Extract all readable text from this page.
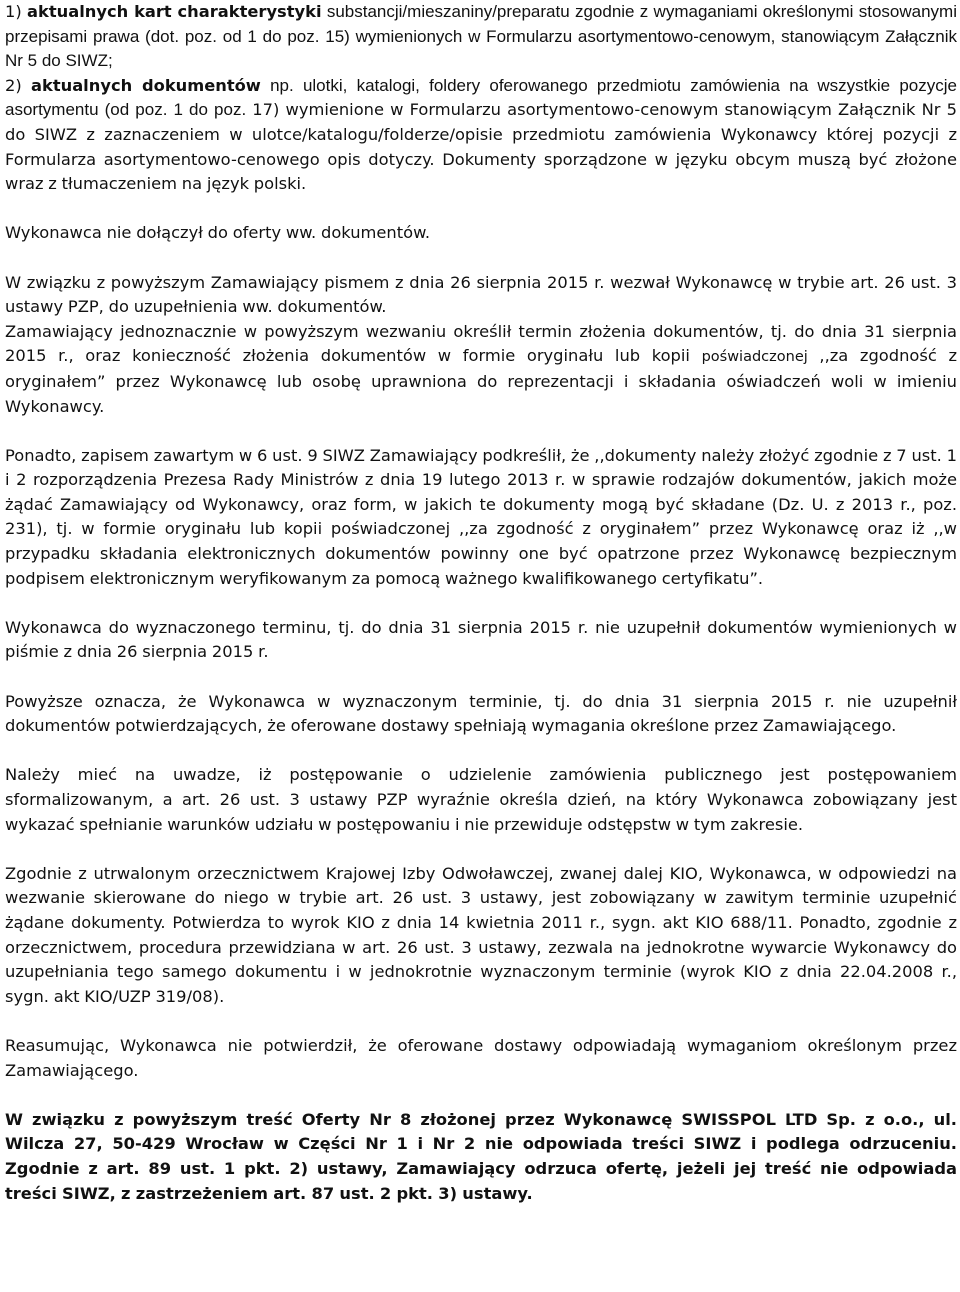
1) aktualnych kart charakterystyki substancji/mieszaniny/preparatu zgodnie z wymaganiami określonymi stosowanymi przepisami prawa (dot. poz. od 1 do poz. 15) wymienionych w Formularzu asortymentowo-cenowym, stanowiącym Załącznik Nr 5 do SIWZ;

2) aktualnych dokumentów np. ulotki, katalogi, foldery oferowanego przedmiotu zamówienia na wszystkie pozycje asortymentu (od poz. 1 do poz. 17) wymienione w Formularzu asortymentowo-cenowym stanowiącym Załącznik Nr 5 do SIWZ z zaznaczeniem w ulotce/katalogu/folderze/opisie przedmiotu zamówienia Wykonawcy której pozycji z Formularza asortymentowo-cenowego opis dotyczy. Dokumenty sporządzone w języku obcym muszą być złożone wraz z tłumaczeniem na język polski.

Wykonawca nie dołączył do oferty ww. dokumentów.

W związku z powyższym Zamawiający pismem z dnia 26 sierpnia 2015 r. wezwał Wykonawcę w trybie art. 26 ust. 3 ustawy PZP, do uzupełnienia ww. dokumentów.

Zamawiający jednoznacznie w powyższym wezwaniu określił termin złożenia dokumentów, tj. do dnia 31 sierpnia 2015 r., oraz konieczność złożenia dokumentów w formie oryginału lub kopii poświadczonej ,,za zgodność z oryginałem” przez Wykonawcę lub osobę uprawniona do reprezentacji i składania oświadczeń woli w imieniu Wykonawcy.

Ponadto, zapisem zawartym w 6 ust. 9 SIWZ Zamawiający podkreślił, że ,,dokumenty należy złożyć zgodnie z 7 ust. 1 i 2 rozporządzenia Prezesa Rady Ministrów z dnia 19 lutego 2013 r. w sprawie rodzajów dokumentów, jakich może żądać Zamawiający od Wykonawcy, oraz form, w jakich te dokumenty mogą być składane (Dz. U. z 2013 r., poz. 231), tj. w formie oryginału lub kopii poświadczonej ,,za zgodność z oryginałem” przez Wykonawcę oraz iż ,,w przypadku składania elektronicznych dokumentów powinny one być opatrzone przez Wykonawcę bezpiecznym podpisem elektronicznym weryfikowanym za pomocą ważnego kwalifikowanego certyfikatu”.

Wykonawca do wyznaczonego terminu, tj. do dnia 31 sierpnia 2015 r. nie uzupełnił dokumentów wymienionych w piśmie z dnia 26 sierpnia 2015 r.

Powyższe oznacza, że Wykonawca w wyznaczonym terminie, tj. do dnia 31 sierpnia 2015 r. nie uzupełnił dokumentów potwierdzających, że oferowane dostawy spełniają wymagania określone przez Zamawiającego.

Należy mieć na uwadze, iż postępowanie o udzielenie zamówienia publicznego jest postępowaniem sformalizowanym, a art. 26 ust. 3 ustawy PZP wyraźnie określa dzień, na który Wykonawca zobowiązany jest wykazać spełnianie warunków udziału w postępowaniu i nie przewiduje odstępstw w tym zakresie.

Zgodnie z utrwalonym orzecznictwem Krajowej Izby Odwoławczej, zwanej dalej KIO, Wykonawca, w odpowiedzi na wezwanie skierowane do niego w trybie art. 26 ust. 3 ustawy, jest zobowiązany w zawitym terminie uzupełnić żądane dokumenty. Potwierdza to wyrok KIO z dnia 14 kwietnia 2011 r., sygn. akt KIO 688/11. Ponadto, zgodnie z orzecznictwem, procedura przewidziana w art. 26 ust. 3 ustawy, zezwala na jednokrotne wywarcie Wykonawcy do uzupełniania tego samego dokumentu i w jednokrotnie wyznaczonym terminie (wyrok KIO z dnia 22.04.2008 r., sygn. akt KIO/UZP 319/08).

Reasumując, Wykonawca nie potwierdził, że oferowane dostawy odpowiadają wymaganiom określonym przez Zamawiającego.

W związku z powyższym treść Oferty Nr 8 złożonej przez Wykonawcę SWISSPOL LTD Sp. z o.o., ul. Wilcza 27, 50-429 Wrocław w Części Nr 1 i Nr 2 nie odpowiada treści SIWZ i podlega odrzuceniu. Zgodnie z art. 89 ust. 1 pkt. 2) ustawy, Zamawiający odrzuca ofertę, jeżeli jej treść nie odpowiada treści SIWZ, z zastrzeżeniem art. 87 ust. 2 pkt. 3) ustawy.
